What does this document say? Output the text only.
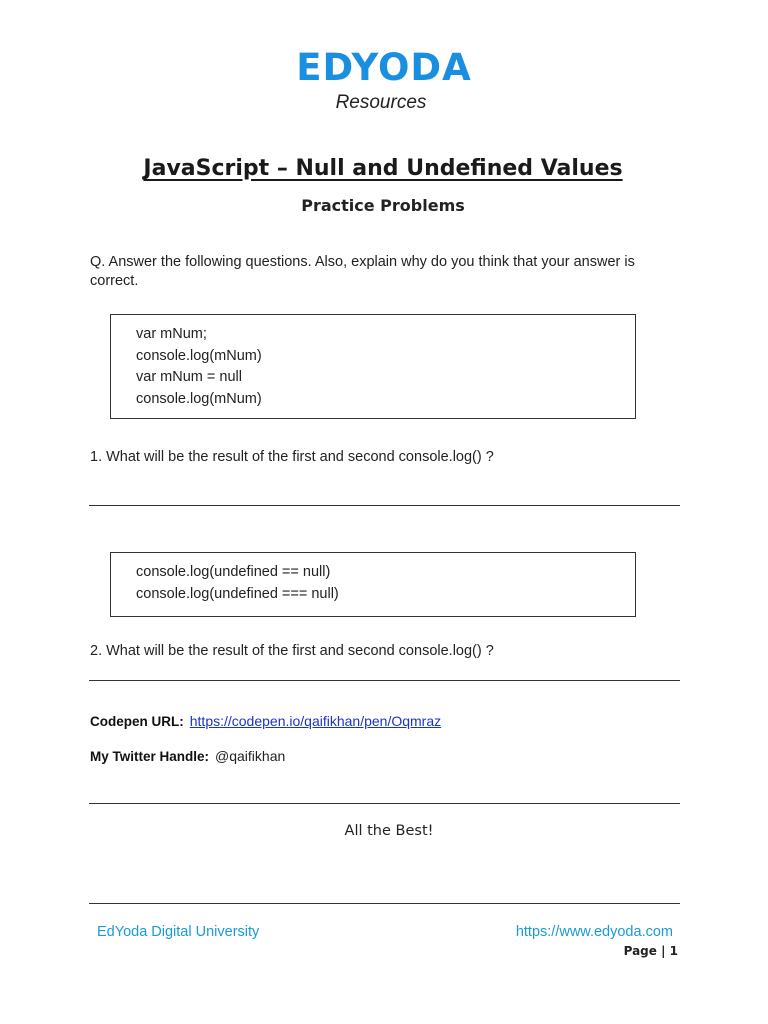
EDYODA
Resources
JavaScript – Null and Undefined Values
Practice Problems
Q. Answer the following questions. Also, explain why do you think that your answer is correct.
var mNum;
console.log(mNum)
var mNum = null
console.log(mNum)
1. What will be the result of the first and second console.log() ?
console.log(undefined == null)
console.log(undefined === null)
2. What will be the result of the first and second console.log() ?
Codepen URL: https://codepen.io/qaifikhan/pen/Oqmraz
My Twitter Handle: @qaifikhan
All the Best!
EdYoda Digital University	https://www.edyoda.com
Page | 1
